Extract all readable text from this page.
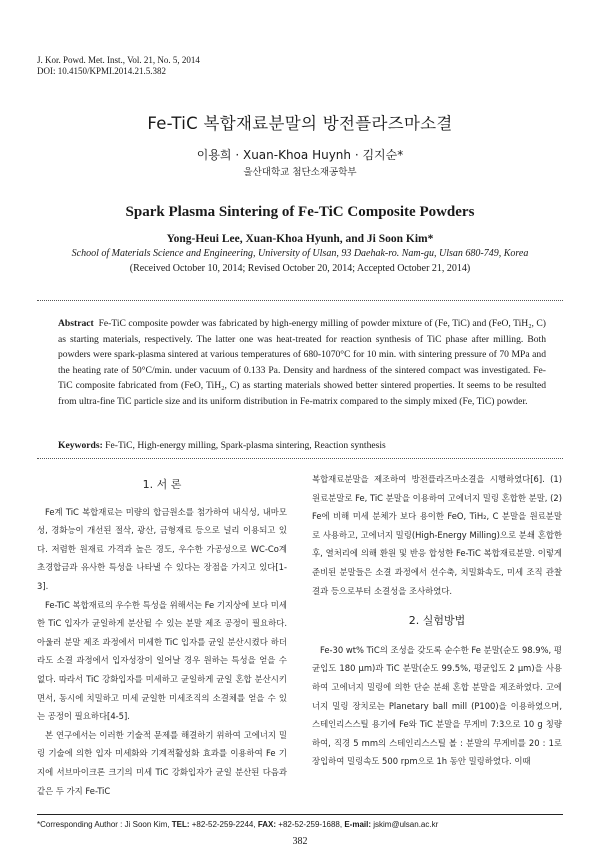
J. Kor. Powd. Met. Inst., Vol. 21, No. 5, 2014
DOI: 10.4150/KPMI.2014.21.5.382
Fe-TiC 복합재료분말의 방전플라즈마소결
이용희 · Xuan-Khoa Huynh · 김지순*
울산대학교 첨단소재공학부
Spark Plasma Sintering of Fe-TiC Composite Powders
Yong-Heui Lee, Xuan-Khoa Hyunh, and Ji Soon Kim*
School of Materials Science and Engineering, University of Ulsan, 93 Daehak-ro. Nam-gu, Ulsan 680-749, Korea
(Received October 10, 2014; Revised October 20, 2014; Accepted October 21, 2014)
Abstract Fe-TiC composite powder was fabricated by high-energy milling of powder mixture of (Fe, TiC) and (FeO, TiH₂, C) as starting materials, respectively. The latter one was heat-treated for reaction synthesis of TiC phase after milling. Both powders were spark-plasma sintered at various temperatures of 680-1070°C for 10 min. with sintering pressure of 70 MPa and the heating rate of 50°C/min. under vacuum of 0.133 Pa. Density and hardness of the sintered compact was investigated. Fe-TiC composite fabricated from (FeO, TiH₂, C) as starting materials showed better sintered properties. It seems to be resulted from ultra-fine TiC particle size and its uniform distribution in Fe-matrix compared to the simply mixed (Fe, TiC) powder.
Keywords: Fe-TiC, High-energy milling, Spark-plasma sintering, Reaction synthesis
1. 서 론

Fe계 TiC 복합재료는 미량의 합금원소를 첨가하여 내식성, 내마모성, 경화능이 개선된 절삭, 광산, 금형재료 등으로 널리 이용되고 있다. 저렴한 원재료 가격과 높은 경도, 우수한 가공성으로 WC-Co계 초경합금과 유사한 특성을 나타낼 수 있다는 장점을 가지고 있다[1-3].

Fe-TiC 복합재료의 우수한 특성을 위해서는 Fe 기지상에 보다 미세한 TiC 입자가 균일하게 분산될 수 있는 분말 제조 공정이 필요하다. 아울러 분말 제조 과정에서 미세한 TiC 입자를 균일 분산시켰다 하더라도 소결 과정에서 입자성장이 일어날 경우 원하는 특성을 얻을 수 없다. 따라서 TiC 강화입자를 미세하고 균일하게 균일 혼합 분산시키면서, 동시에 치밀하고 미세 균일한 미세조직의 소결체를 얻을 수 있는 공정이 필요하다[4-5].

본 연구에서는 이러한 기술적 문제를 해결하기 위하여 고에너지 밀링 기술에 의한 입자 미세화와 기계적활성화 효과를 이용하여 Fe 기지에 서브마이크론 크기의 미세 TiC 강화입자가 균일 분산된 다음과 같은 두 가지 Fe-TiC

복합재료분말을 제조하여 방전플라즈마소결을 시행하였다[6]. (1) 원료분말로 Fe, TiC 분말을 이용하여 고에너지 밀링 혼합한 분말, (2) Fe에 비해 미세 분체가 보다 용이한 FeO, TiH₂, C 분말을 원료분말로 사용하고, 고에너지 밀링(High-Energy Milling)으로 분쇄 혼합한 후, 열처리에 의해 환원 및 반응 합성한 Fe-TiC 복합재료분말. 이렇게 준비된 분말들은 소결 과정에서 선수축, 치밀화속도, 미세 조직 관찰 결과 등으로부터 소결성을 조사하였다.

2. 실험방법

Fe-30 wt% TiC의 조성을 갖도록 순수한 Fe 분말(순도 98.9%, 평균입도 180 μm)과 TiC 분말(순도 99.5%, 평균입도 2 μm)을 사용하여 고에너지 밀링에 의한 단순 분쇄 혼합 분말을 제조하였다. 고에너지 밀링 장치로는 Planetary ball mill (P100)을 이용하였으며, 스테인리스스틸 용기에 Fe와 TiC 분말을 무게비 7:3으로 10 g 칭량하여, 직경 5 mm의 스테인리스스틸 볼 : 분말의 무게비를 20 : 1로 장입하여 밀링속도 500 rpm으로 1h 동안 밀링하였다. 이때

*Corresponding Author : Ji Soon Kim, TEL: +82-52-259-2244, FAX: +82-52-259-1688, E-mail: jskim@ulsan.ac.kr
382
